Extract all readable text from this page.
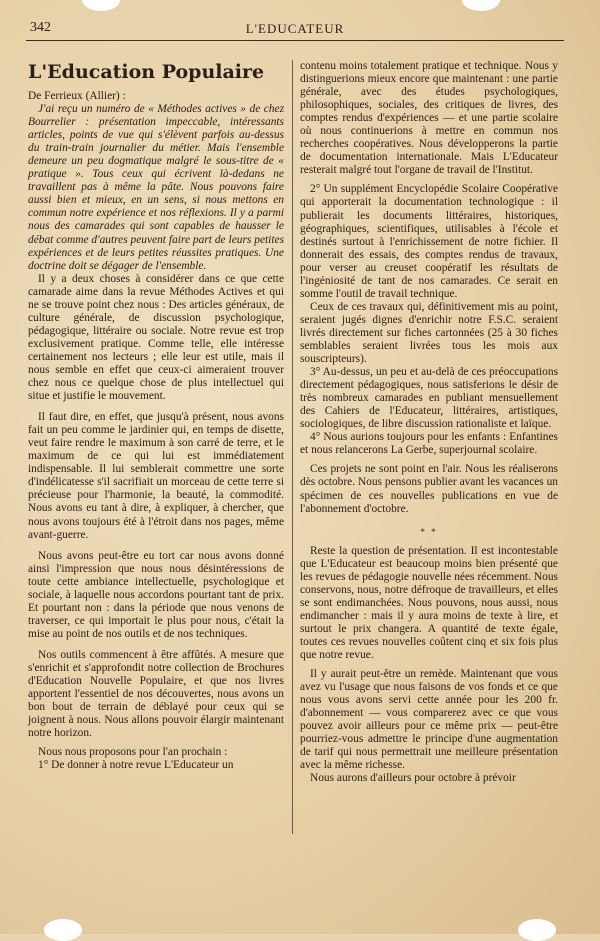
342	L'EDUCATEUR
L'Education Populaire

De Ferrieux (Allier) :

J'ai reçu un numéro de « Méthodes actives » de chez Bourrelier : présentation impeccable, intéressants articles, points de vue qui s'élèvent parfois au-dessus du train-train journalier du métier. Mais l'ensemble demeure un peu dogmatique malgré le sous-titre de « pratique ». Tous ceux qui écrivent là-dedans ne travaillent pas à même la pâte. Nous pouvons faire aussi bien et mieux, en un sens, si nous mettons en commun notre expérience et nos réflexions. Il y a parmi nous des camarades qui sont capables de hausser le débat comme d'autres peuvent faire part de leurs petites expériences et de leurs petites réussites pratiques. Une doctrine doit se dégager de l'ensemble.

Il y a deux choses à considérer dans ce que cette camarade aime dans la revue Méthodes Actives et qui ne se trouve point chez nous : Des articles généraux, de culture générale, de discussion psychologique, pédagogique, littéraire ou sociale. Notre revue est trop exclusivement pratique. Comme telle, elle intéresse certainement nos lecteurs ; elle leur est utile, mais il nous semble en effet que ceux-ci aimeraient trouver chez nous ce quelque chose de plus intellectuel qui situe et justifie le mouvement.

Il faut dire, en effet, que jusqu'à présent, nous avons fait un peu comme le jardinier qui, en temps de disette, veut faire rendre le maximum à son carré de terre, et le maximum de ce qui lui est immédiatement indispensable. Il lui semblerait commettre une sorte d'indélicatesse s'il sacrifiait un morceau de cette terre si précieuse pour l'harmonie, la beauté, la commodité. Nous avons eu tant à dire, à expliquer, à chercher, que nous avons toujours été à l'étroit dans nos pages, même avant-guerre.

Nous avons peut-être eu tort car nous avons donné ainsi l'impression que nous nous désintéressions de toute cette ambiance intellectuelle, psychologique et sociale, à laquelle nous accordons pourtant tant de prix. Et pourtant non : dans la période que nous venons de traverser, ce qui importait le plus pour nous, c'était la mise au point de nos outils et de nos techniques.

Nos outils commencent à être affûtés. A mesure que s'enrichit et s'approfondit notre collection de Brochures d'Education Nouvelle Populaire, et que nos livres apportent l'essentiel de nos découvertes, nous avons un bon bout de terrain de déblayé pour ceux qui se joignent à nous. Nous allons pouvoir élargir maintenant notre horizon.

Nous nous proposons pour l'an prochain :

1° De donner à notre revue L'Educateur un

contenu moins totalement pratique et technique. Nous y distinguerions mieux encore que maintenant : une partie générale, avec des études psychologiques, philosophiques, sociales, des critiques de livres, des comptes rendus d'expériences — et une partie scolaire où nous continuerions à mettre en commun nos recherches coopératives. Nous développerons la partie de documentation internationale. Mais L'Educateur resterait malgré tout l'organe de travail de l'Institut.

2° Un supplément Encyclopédie Scolaire Coopérative qui apporterait la documentation technologique : il publierait les documents littéraires, historiques, géographiques, scientifiques, utilisables à l'école et destinés surtout à l'enrichissement de notre fichier. Il donnerait des essais, des comptes rendus de travaux, pour verser au creuset coopératif les résultats de l'ingéniosité de tant de nos camarades. Ce serait en somme l'outil de travail technique.

Ceux de ces travaux qui, définitivement mis au point, seraient jugés dignes d'enrichir notre F.S.C. seraient livrés directement sur fiches cartonnées (25 à 30 fiches semblables seraient livrées tous les mois aux souscripteurs).

3° Au-dessus, un peu et au-delà de ces préoccupations directement pédagogiques, nous satisferions le désir de très nombreux camarades en publiant mensuellement des Cahiers de l'Educateur, littéraires, artistiques, sociologiques, de libre discussion rationaliste et laïque.

4° Nous aurions toujours pour les enfants : Enfantines et nous relancerons La Gerbe, superjournal scolaire.

Ces projets ne sont point en l'air. Nous les réaliserons dès octobre. Nous pensons publier avant les vacances un spécimen de ces nouvelles publications en vue de l'abonnement d'octobre.

* *

Reste la question de présentation. Il est incontestable que L'Educateur est beaucoup moins bien présenté que les revues de pédagogie nouvelle nées récemment. Nous conservons, nous, notre défroque de travailleurs, et elles se sont endimanchées. Nous pouvons, nous aussi, nous endimancher : mais il y aura moins de texte à lire, et surtout le prix changera. A quantité de texte égale, toutes ces revues nouvelles coûtent cinq et six fois plus que notre revue.

Il y aurait peut-être un remède. Maintenant que vous avez vu l'usage que nous faisons de vos fonds et ce que nous vous avons servi cette année pour les 200 fr. d'abonnement — vous comparerez avec ce que vous pouvez avoir ailleurs pour ce même prix — peut-être pourriez-vous admettre le principe d'une augmentation de tarif qui nous permettrait une meilleure présentation avec la même richesse.

Nous aurons d'ailleurs pour octobre à prévoir
